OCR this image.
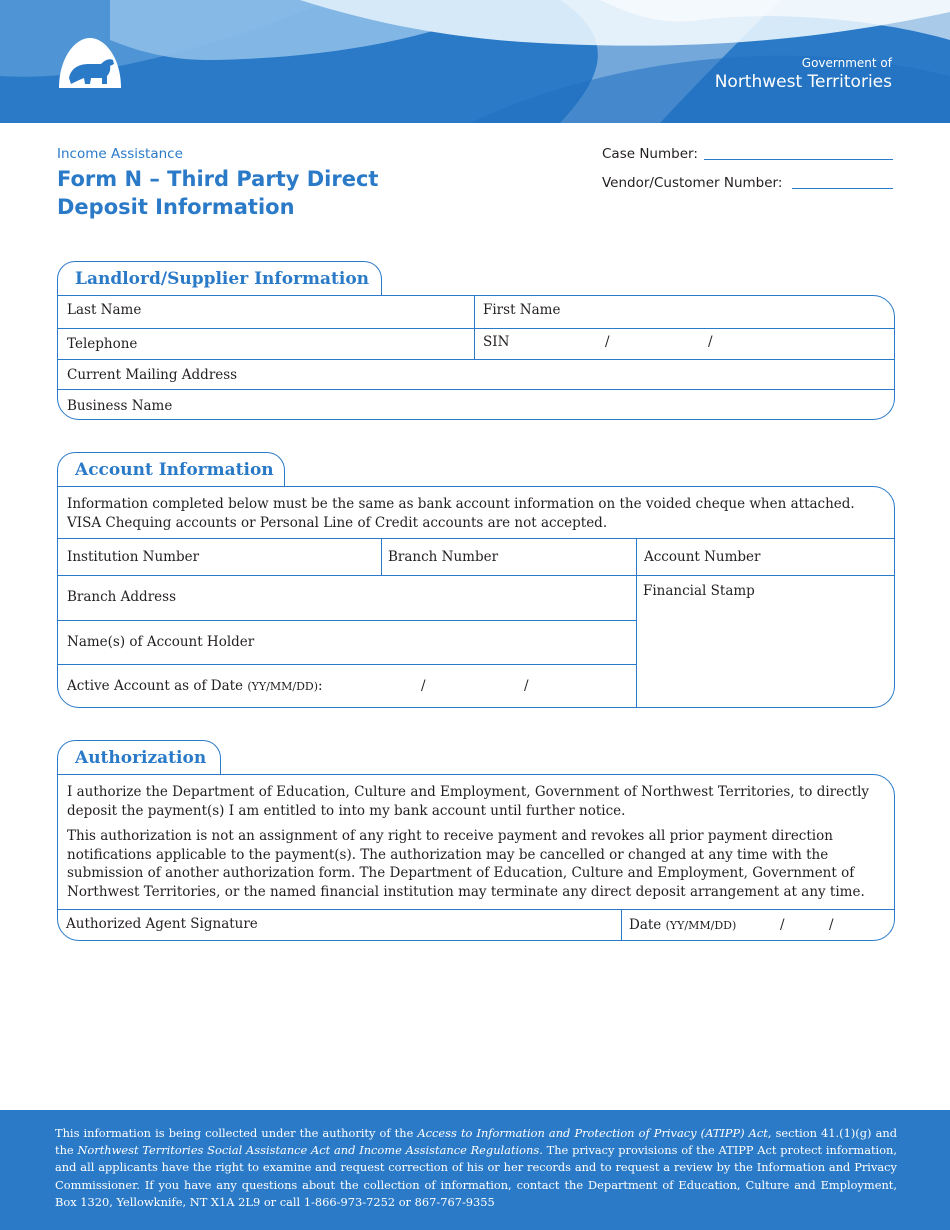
Government of
Northwest Territories
Income Assistance
Form N – Third Party Direct
Deposit Information
Case Number:
Vendor/Customer Number:
Landlord/Supplier Information
Last Name	First Name
Telephone	SIN	/	/
Current Mailing Address
Business Name
Account Information
Information completed below must be the same as bank account information on the voided cheque when attached. VISA Chequing accounts or Personal Line of Credit accounts are not accepted.
Institution Number	Branch Number	Account Number
Branch Address	Financial Stamp
Name(s) of Account Holder
Active Account as of Date (YY/MM/DD):	/	/
Authorization
I authorize the Department of Education, Culture and Employment, Government of Northwest Territories, to directly deposit the payment(s) I am entitled to into my bank account until further notice.
This authorization is not an assignment of any right to receive payment and revokes all prior payment direction notifications applicable to the payment(s). The authorization may be cancelled or changed at any time with the submission of another authorization form. The Department of Education, Culture and Employment, Government of Northwest Territories, or the named financial institution may terminate any direct deposit arrangement at any time.
Authorized Agent Signature	Date (YY/MM/DD)	/	/

This information is being collected under the authority of the Access to Information and Protection of Privacy (ATIPP) Act, section 41.(1)(g) and the Northwest Territories Social Assistance Act and Income Assistance Regulations. The privacy provisions of the ATIPP Act protect information, and all applicants have the right to examine and request correction of his or her records and to request a review by the Information and Privacy Commissioner. If you have any questions about the collection of information, contact the Department of Education, Culture and Employment, Box 1320, Yellowknife, NT X1A 2L9 or call 1-866-973-7252 or 867-767-9355
